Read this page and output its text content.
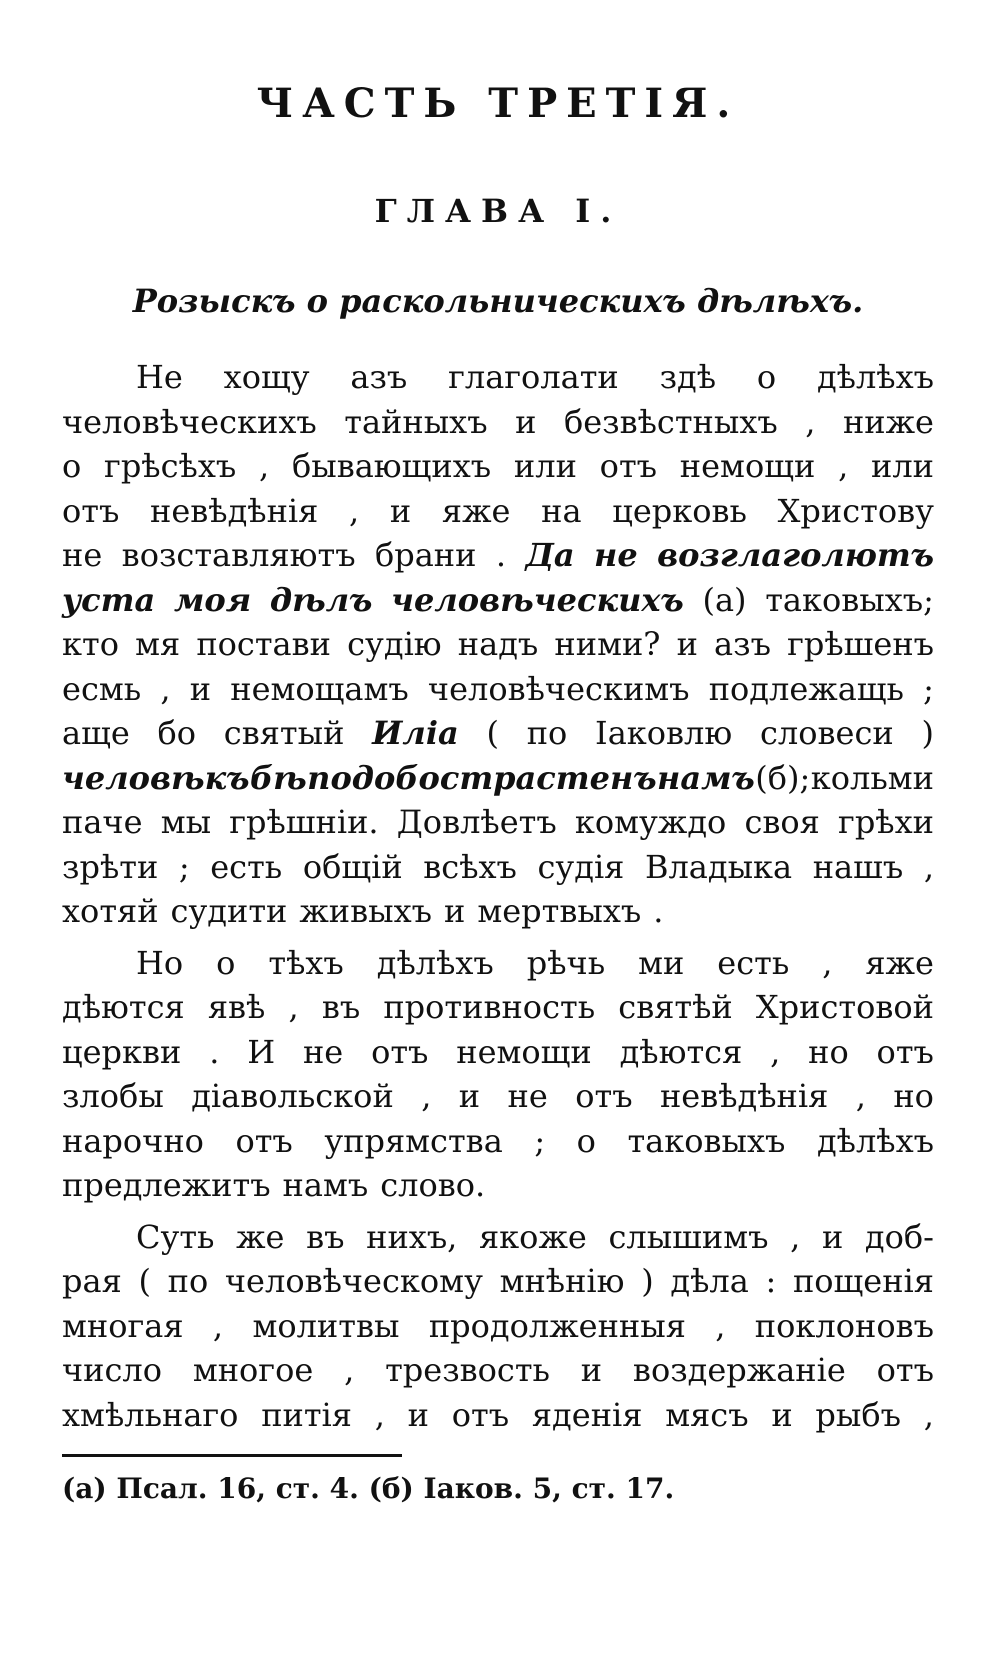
ЧАСТЬ ТРЕТІЯ.
ГЛАВА І.
Розыскъ о раскольническихъ дѣлѣхъ.
Не хощу азъ глаголати здѣ о дѣлѣхъ
человѣческихъ тайныхъ и безвѣстныхъ , ниже
о грѣсѣхъ , бывающихъ или отъ немощи , или
отъ невѣдѣнія , и яже на церковь Христову
не возставляютъ брани . Да не возглаголютъ
уста моя дѣлъ человѣческихъ (а) таковыхъ;
кто мя постави судію надъ ними? и азъ грѣшенъ
есмь , и немощамъ человѣческимъ подлежащь ;
аще бо святый Иліа ( по Іаковлю словеси )
человѣкъ бѣ подобострастенъ намъ (б); кольми
паче мы грѣшніи. Довлѣетъ комуждо своя грѣхи
зрѣти ; есть общій всѣхъ судія Владыка нашъ ,
хотяй судити живыхъ и мертвыхъ .
Но о тѣхъ дѣлѣхъ рѣчь ми есть , яже
дѣются явѣ , въ противность святѣй Христовой
церкви . И не отъ немощи дѣются , но отъ
злобы діавольской , и не отъ невѣдѣнія , но
нарочно отъ упрямства ; о таковыхъ дѣлѣхъ
предлежитъ намъ слово.
Суть же въ нихъ, якоже слышимъ , и доб-
рая ( по человѣческому мнѣнію ) дѣла : пощенія
многая , молитвы продолженныя , поклоновъ
число многое , трезвость и воздержаніе отъ
хмѣльнаго питія , и отъ яденія мясъ и рыбъ ,
(а) Псал. 16, ст. 4. (б) Іаков. 5, ст. 17.
